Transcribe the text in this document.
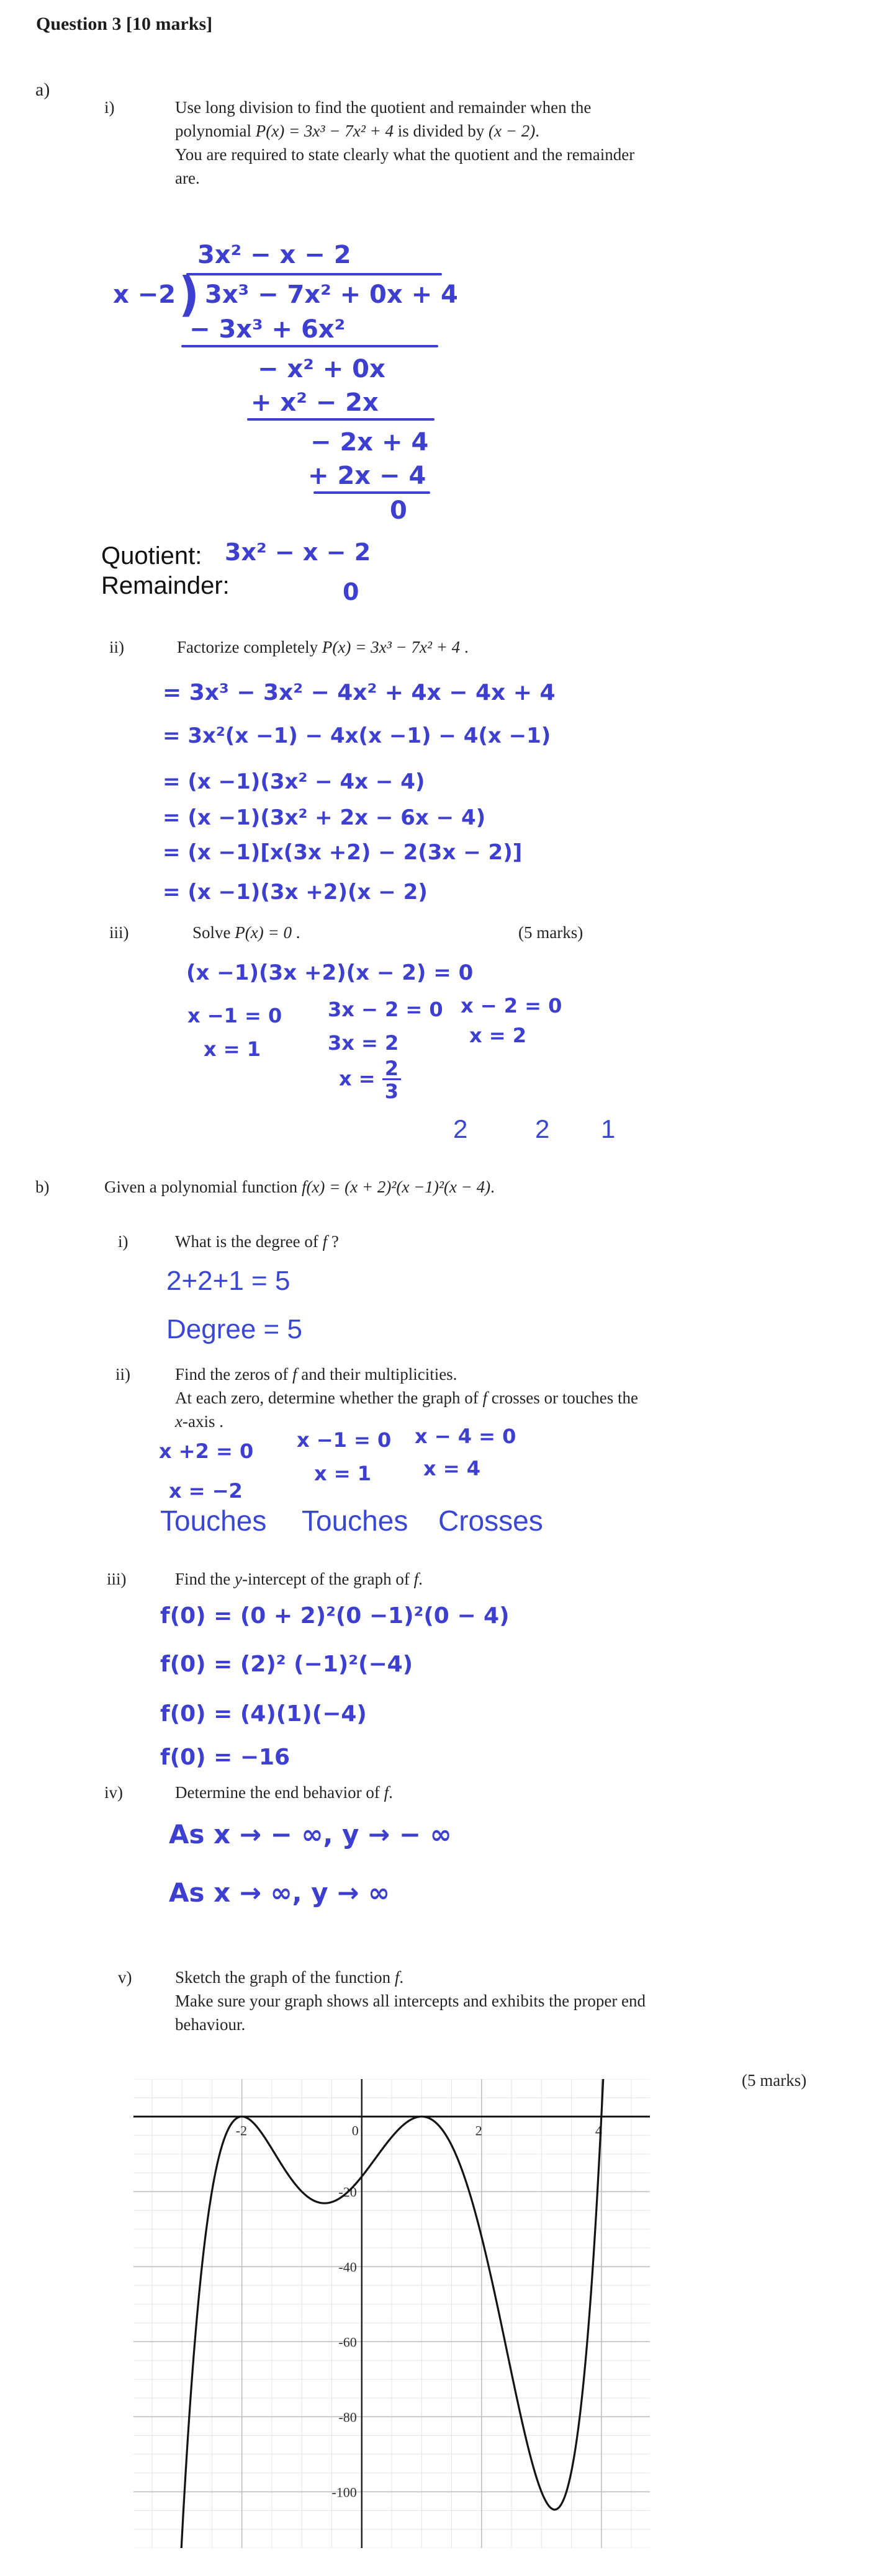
Question 3 [10 marks]
a)
i)	Use long division to find the quotient and remainder when the
polynomial P(x) = 3x³ − 7x² + 4 is divided by (x − 2).
You are required to state clearly what the quotient and the remainder
are.
3x² − x − 2
x −2 ) 3x³ − 7x² + 0x + 4
− 3x³ + 6x²
− x² + 0x
+ x² − 2x
− 2x + 4
+ 2x − 4
0
Quotient: 3x² − x − 2
Remainder:	0
ii)	Factorize completely P(x) = 3x³ − 7x² + 4 .
= 3x³ − 3x² − 4x² + 4x − 4x + 4
= 3x²(x −1) − 4x(x −1) − 4(x −1)
= (x −1)(3x² − 4x − 4)
= (x −1)(3x² + 2x − 6x − 4)
= (x −1)[x(3x +2) − 2(3x − 2)]
= (x −1)(3x +2)(x − 2)
iii)	Solve P(x) = 0 .	(5 marks)
(x −1)(3x +2)(x − 2) = 0
x −1 = 0 3x − 2 = 0 x − 2 = 0
x = 1	3x = 2	x = 2
$x = \frac{2}{3}$
2	2 1
b)	Given a polynomial function f(x) = (x + 2)²(x −1)²(x − 4).
i)	What is the degree of f ?
2+2+1 = 5
Degree = 5
ii)	Find the zeros of f and their multiplicities.
At each zero, determine whether the graph of f crosses or touches the
x-axis .
x +2 = 0
x = −2
x −1 = 0
x = 1
x − 4 = 0
x = 4
Touches Touches Crosses
iii)	Find the y-intercept of the graph of f.
f(0) = (0 + 2)²(0 −1)²(0 − 4)
f(0) = (2)² (−1)²(−4)
f(0) = (4)(1)(−4)
f(0) = −16
iv)	Determine the end behavior of f.
As x → − ∞, y → − ∞
As x → ∞, y → ∞
v)	Sketch the graph of the function f.
Make sure your graph shows all intercepts and exhibits the proper end
behaviour.
(5 marks)
-2	0	2	4
-20
-40
-60
-80
-100
